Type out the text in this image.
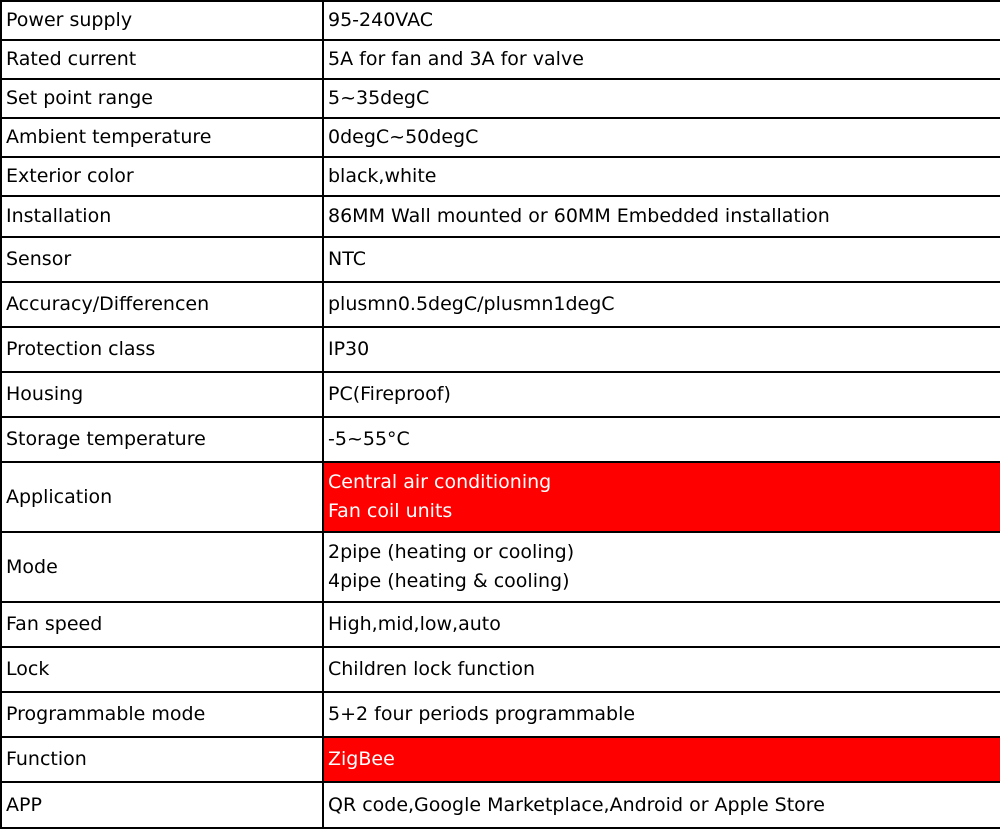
Power supply	95-240VAC

Rated current	5A for fan and 3A for valve

Set point range	5~35degC

Ambient temperature	0degC~50degC

Exterior color	black,white

Installation	86MM Wall mounted or 60MM Embedded installation

Sensor	NTC

Accuracy/Differencen	plusmn0.5degC/plusmn1degC

Protection class	IP30

Housing	PC(Fireproof)

Storage temperature	-5~55°C

Application	Central air conditioning
Fan coil units

Mode	2pipe (heating or cooling)
4pipe (heating & cooling)

Fan speed	High,mid,low,auto

Lock	Children lock function

Programmable mode	5+2 four periods programmable

Function	ZigBee

APP	QR code,Google Marketplace,Android or Apple Store
